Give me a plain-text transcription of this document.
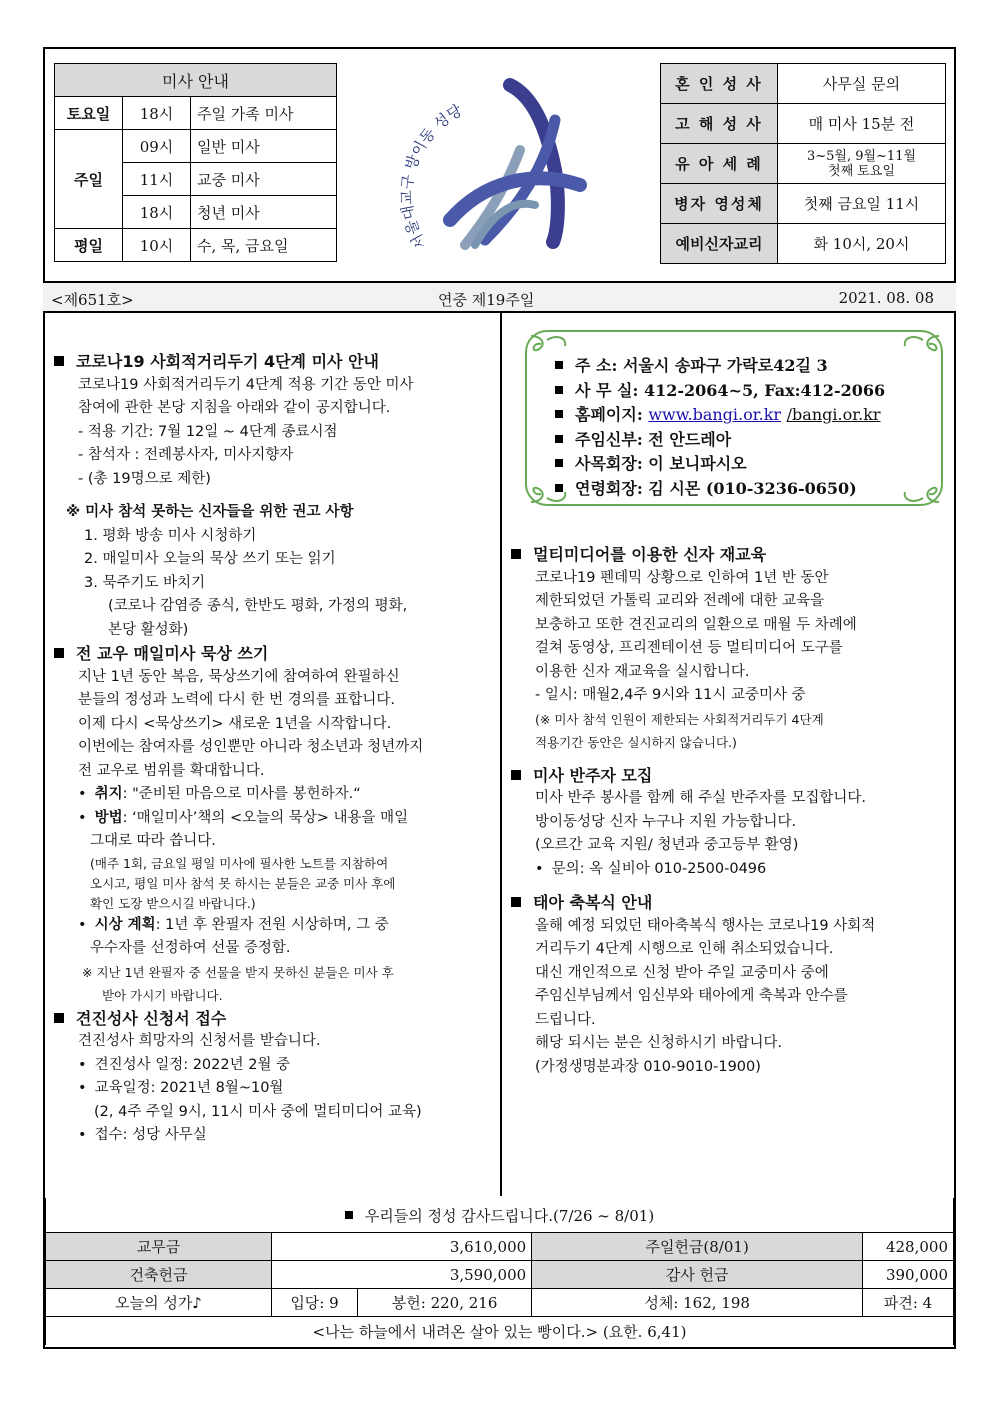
미사 안내		
토요일	18시	주일 가족 미사
주일	09시	일반 미사
	11시	교중 미사
	18시	청년 미사
평일	10시	수, 목, 금요일	서울대교구 방이동 성당
혼 인 성 사	사무실 문의
고 해 성 사	매 미사 15분 전
유 아 세 례	3~5월, 9월~11월
첫째 토요일

병자 영성체	첫째 금요일 11시
예비신자교리	화 10시, 20시
<제651호>	연중 제19주일	2021. 08. 08
코로나19 사회적거리두기 4단계 미사 안내
코로나19 사회적거리두기 4단계 적용 기간 동안 미사
참여에 관한 본당 지침을 아래와 같이 공지합니다.
- 적용 기간: 7월 12일 ~ 4단계 종료시점
- 참석자 : 전례봉사자, 미사지향자
- (총 19명으로 제한)
※ 미사 참석 못하는 신자들을 위한 권고 사항
1. 평화 방송 미사 시청하기
2. 매일미사 오늘의 묵상 쓰기 또는 읽기
3. 묵주기도 바치기
(코로나 감염증 종식, 한반도 평화, 가정의 평화,
본당 활성화)
전 교우 매일미사 묵상 쓰기
지난 1년 동안 복음, 묵상쓰기에 참여하여 완필하신
분들의 정성과 노력에 다시 한 번 경의를 표합니다.
이제 다시 <묵상쓰기> 새로운 1년을 시작합니다.
이번에는 참여자를 성인뿐만 아니라 청소년과 청년까지
전 교우로 범위를 확대합니다.
• 취지: "준비된 마음으로 미사를 봉헌하자.“
• 방법: ‘매일미사’책의 <오늘의 묵상> 내용을 매일
그대로 따라 씁니다.
(매주 1회, 금요일 평일 미사에 필사한 노트를 지참하여
오시고, 평일 미사 참석 못 하시는 분들은 교중 미사 후에
확인 도장 받으시길 바랍니다.)
• 시상 계획: 1년 후 완필자 전원 시상하며, 그 중
우수자를 선정하여 선물 증정함.
※ 지난 1년 완필자 중 선물을 받지 못하신 분들은 미사 후
받아 가시기 바랍니다.
견진성사 신청서 접수
견진성사 희망자의 신청서를 받습니다.
• 견진성사 일정: 2022년 2월 중
• 교육일정: 2021년 8월~10월
(2, 4주 주일 9시, 11시 미사 중에 멀티미디어 교육)
• 접수: 성당 사무실
주 소: 서울시 송파구 가락로42길 3
사 무 실: 412-2064~5, Fax:412-2066
홈페이지: www.bangi.or.kr /bangi.or.kr
주임신부: 전 안드레아
사목회장: 이 보니파시오
연령회장: 김 시몬 (010-3236-0650)
멀티미디어를 이용한 신자 재교육
코로나19 펜데믹 상황으로 인하여 1년 반 동안
제한되었던 가톨릭 교리와 전례에 대한 교육을
보충하고 또한 견진교리의 일환으로 매월 두 차례에
걸쳐 동영상, 프리젠테이션 등 멀티미디어 도구를
이용한 신자 재교육을 실시합니다.
- 일시: 매월2,4주 9시와 11시 교중미사 중
(※ 미사 참석 인원이 제한되는 사회적거리두기 4단계
적용기간 동안은 실시하지 않습니다.)
미사 반주자 모집
미사 반주 봉사를 함께 해 주실 반주자를 모집합니다.
방이동성당 신자 누구나 지원 가능합니다.
(오르간 교육 지원/ 청년과 중고등부 환영)
• 문의: 옥 실비아 010-2500-0496
태아 축복식 안내
올해 예정 되었던 태아축복식 행사는 코로나19 사회적
거리두기 4단계 시행으로 인해 취소되었습니다.
대신 개인적으로 신청 받아 주일 교중미사 중에
주임신부님께서 임신부와 태아에게 축복과 안수를
드립니다.
해당 되시는 분은 신청하시기 바랍니다.
(가정생명분과장 010-9010-1900)
우리들의 정성 감사드립니다.(7/26 ~ 8/01)				
교무금	3,610,000		주일헌금(8/01)	428,000
건축헌금	3,590,000		감사 헌금	390,000
오늘의 성가♪	입당: 9	봉헌: 220, 216	성체: 162, 198	파견: 4
<나는 하늘에서 내려온 살아 있는 빵이다.> (요한. 6,41)				
